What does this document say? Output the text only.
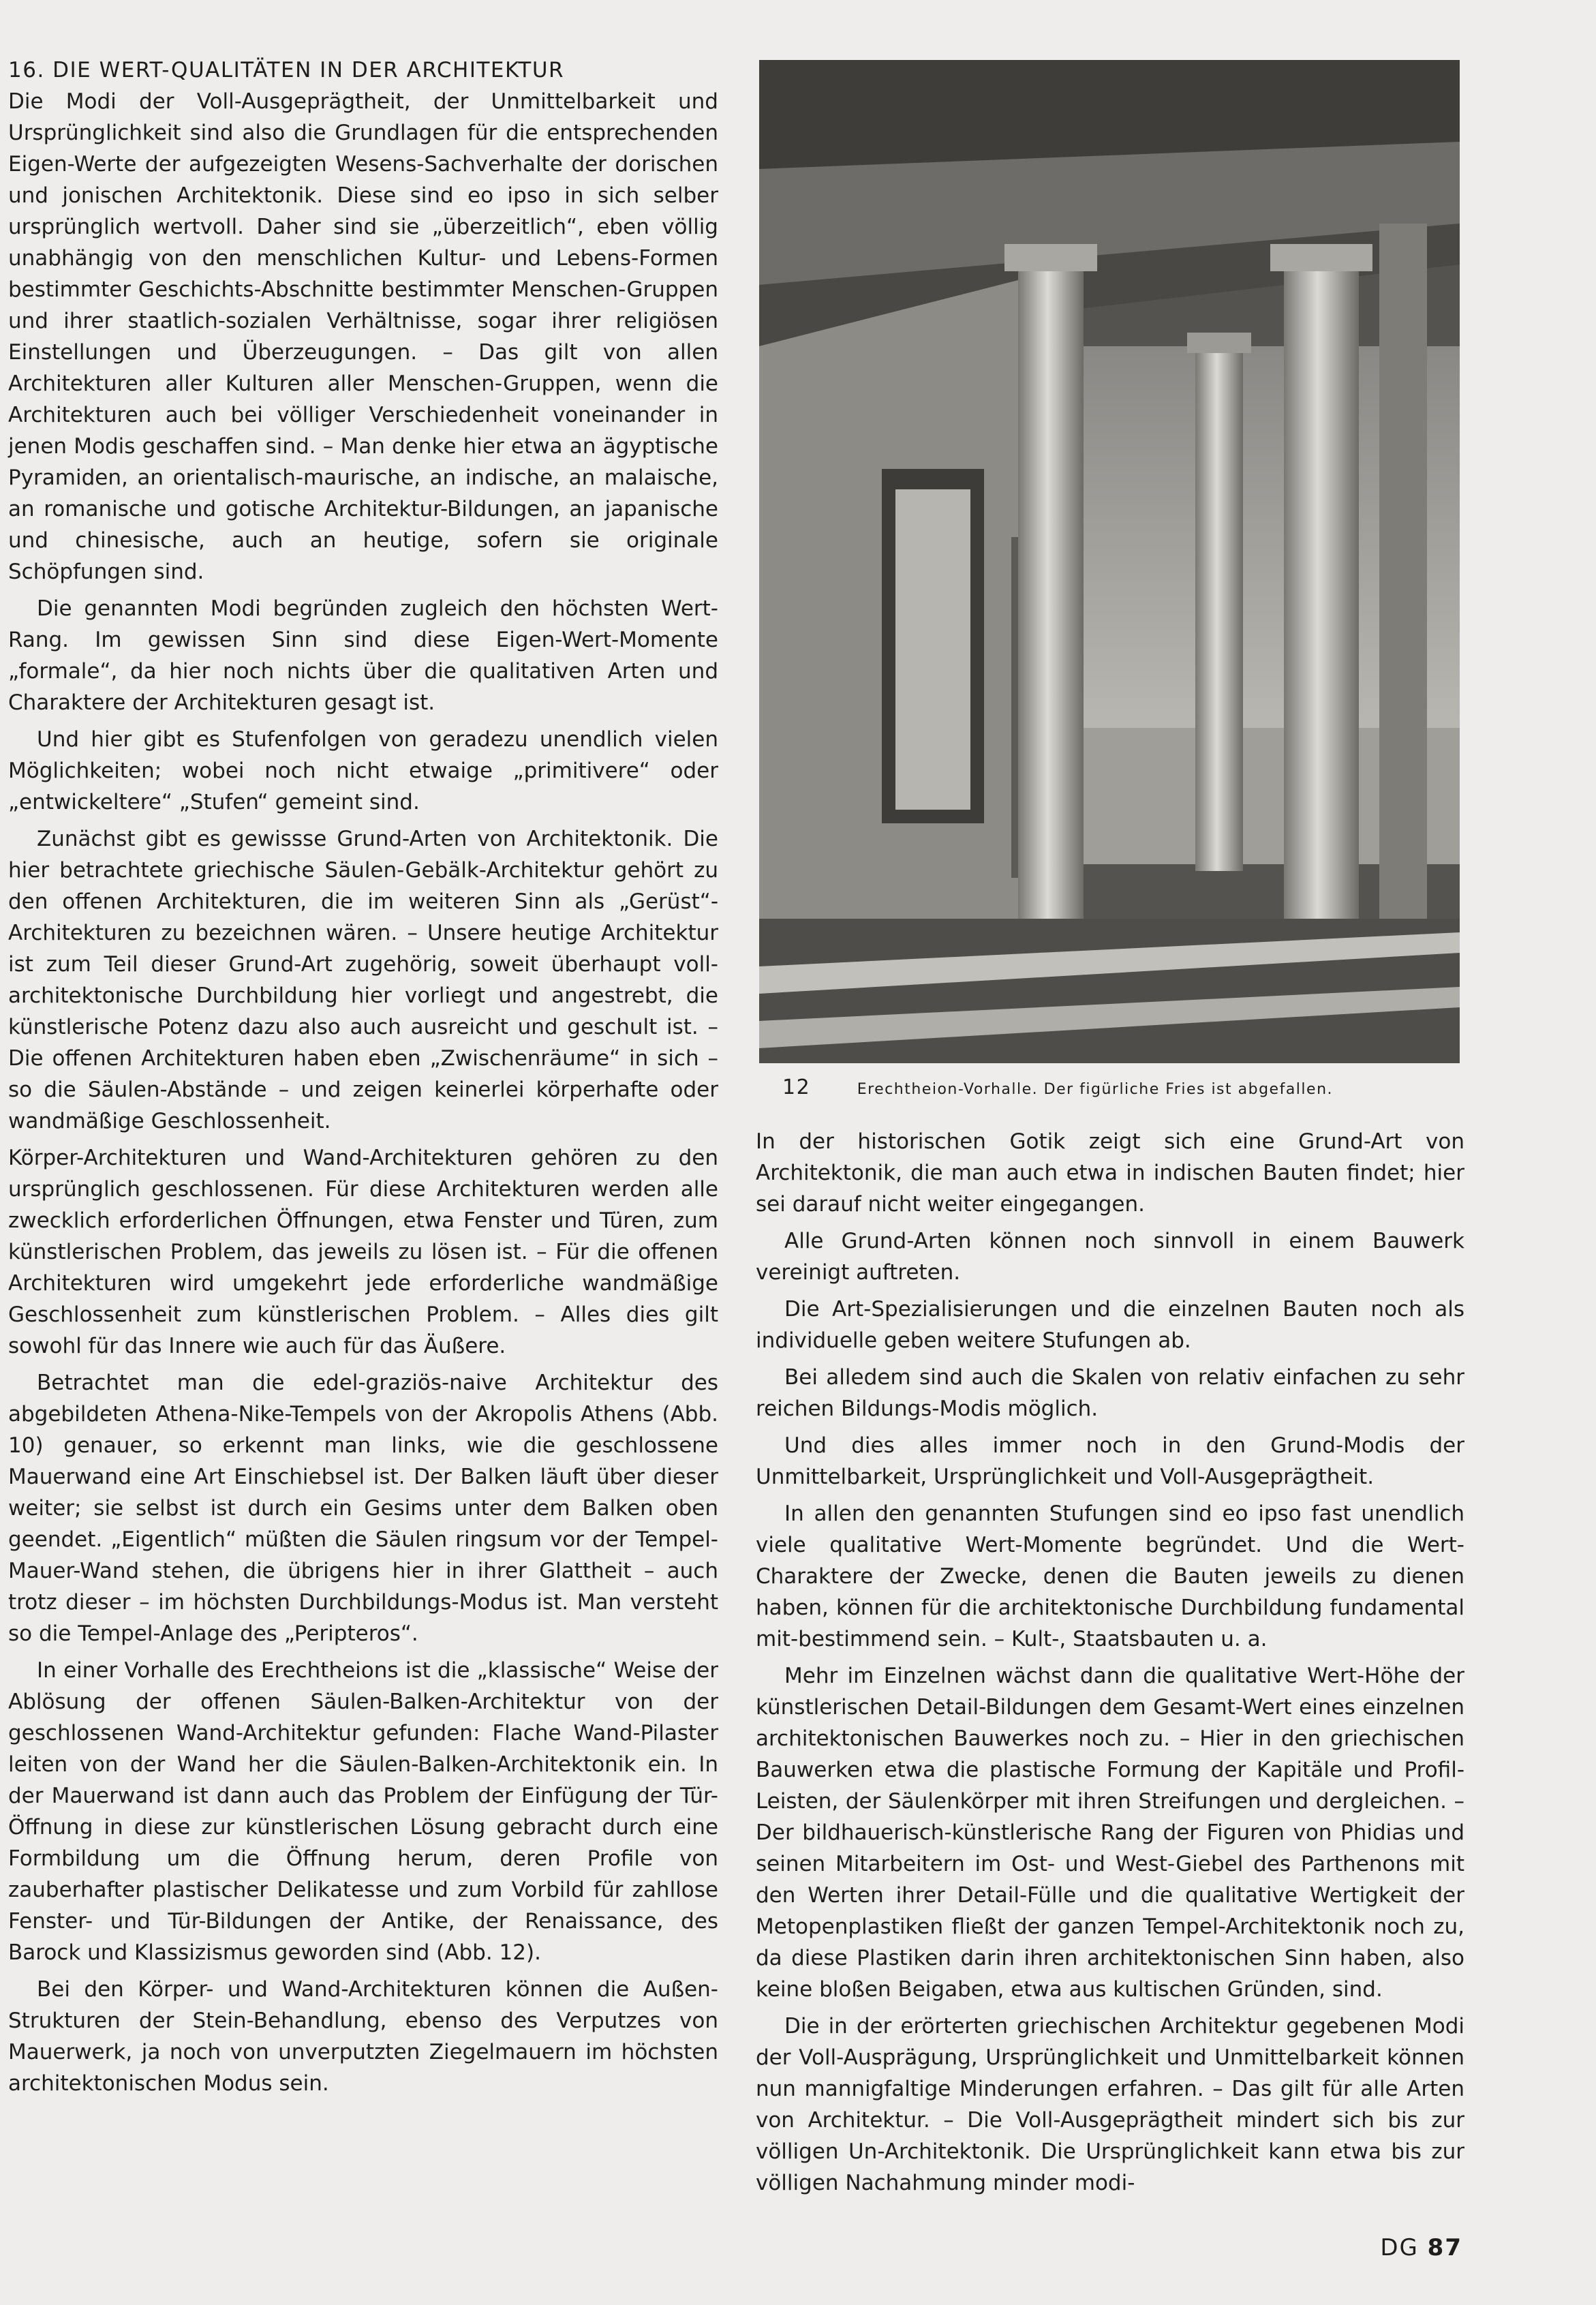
16. DIE WERT-QUALITÄTEN IN DER ARCHITEKTUR

Die Modi der Voll-Ausgeprägtheit, der Unmittelbarkeit und Ursprünglichkeit sind also die Grundlagen für die entsprechenden Eigen-Werte der aufgezeigten Wesens-Sachverhalte der dorischen und jonischen Architektonik. Diese sind eo ipso in sich selber ursprünglich wertvoll. Daher sind sie „überzeitlich“, eben völlig unabhängig von den menschlichen Kultur- und Lebens-Formen bestimmter Geschichts-Abschnitte bestimmter Menschen-Gruppen und ihrer staatlich-sozialen Verhältnisse, sogar ihrer religiösen Einstellungen und Überzeugungen. – Das gilt von allen Architekturen aller Kulturen aller Menschen-Gruppen, wenn die Architekturen auch bei völliger Verschiedenheit voneinander in jenen Modis geschaffen sind. – Man denke hier etwa an ägyptische Pyramiden, an orientalisch-maurische, an indische, an malaische, an romanische und gotische Architektur-Bildungen, an japanische und chinesische, auch an heutige, sofern sie originale Schöpfungen sind.

Die genannten Modi begründen zugleich den höchsten Wert-Rang. Im gewissen Sinn sind diese Eigen-Wert-Momente „formale“, da hier noch nichts über die qualitativen Arten und Charaktere der Architekturen gesagt ist.

Und hier gibt es Stufenfolgen von geradezu unendlich vielen Möglichkeiten; wobei noch nicht etwaige „primitivere“ oder „entwickeltere“ „Stufen“ gemeint sind.

Zunächst gibt es gewissse Grund-Arten von Architektonik. Die hier betrachtete griechische Säulen-Gebälk-Architektur gehört zu den offenen Architekturen, die im weiteren Sinn als „Gerüst“-Architekturen zu bezeichnen wären. – Unsere heutige Architektur ist zum Teil dieser Grund-Art zugehörig, soweit überhaupt voll-architektonische Durchbildung hier vorliegt und angestrebt, die künstlerische Potenz dazu also auch ausreicht und geschult ist. – Die offenen Architekturen haben eben „Zwischenräume“ in sich – so die Säulen-Abstände – und zeigen keinerlei körperhafte oder wandmäßige Geschlossenheit.

Körper-Architekturen und Wand-Architekturen gehören zu den ursprünglich geschlossenen. Für diese Architekturen werden alle zwecklich erforderlichen Öffnungen, etwa Fenster und Türen, zum künstlerischen Problem, das jeweils zu lösen ist. – Für die offenen Architekturen wird umgekehrt jede erforderliche wandmäßige Geschlossenheit zum künstlerischen Problem. – Alles dies gilt sowohl für das Innere wie auch für das Äußere.

Betrachtet man die edel-graziös-naive Architektur des abgebildeten Athena-Nike-Tempels von der Akropolis Athens (Abb. 10) genauer, so erkennt man links, wie die geschlossene Mauerwand eine Art Einschiebsel ist. Der Balken läuft über dieser weiter; sie selbst ist durch ein Gesims unter dem Balken oben geendet. „Eigentlich“ müßten die Säulen ringsum vor der Tempel-Mauer-Wand stehen, die übrigens hier in ihrer Glattheit – auch trotz dieser – im höchsten Durchbildungs-Modus ist. Man versteht so die Tempel-Anlage des „Peripteros“.

In einer Vorhalle des Erechtheions ist die „klassische“ Weise der Ablösung der offenen Säulen-Balken-Architektur von der geschlossenen Wand-Architektur gefunden: Flache Wand-Pilaster leiten von der Wand her die Säulen-Balken-Architektonik ein. In der Mauerwand ist dann auch das Problem der Einfügung der Tür-Öffnung in diese zur künstlerischen Lösung gebracht durch eine Formbildung um die Öffnung herum, deren Profile von zauberhafter plastischer Delikatesse und zum Vorbild für zahllose Fenster- und Tür-Bildungen der Antike, der Renaissance, des Barock und Klassizismus geworden sind (Abb. 12).

Bei den Körper- und Wand-Architekturen können die Außen-Strukturen der Stein-Behandlung, ebenso des Verputzes von Mauerwerk, ja noch von unverputzten Ziegelmauern im höchsten architektonischen Modus sein.

12	Erechtheion-Vorhalle. Der figürliche Fries ist abgefallen.

In der historischen Gotik zeigt sich eine Grund-Art von Architektonik, die man auch etwa in indischen Bauten findet; hier sei darauf nicht weiter eingegangen.

Alle Grund-Arten können noch sinnvoll in einem Bauwerk vereinigt auftreten.

Die Art-Spezialisierungen und die einzelnen Bauten noch als individuelle geben weitere Stufungen ab.

Bei alledem sind auch die Skalen von relativ einfachen zu sehr reichen Bildungs-Modis möglich.

Und dies alles immer noch in den Grund-Modis der Unmittelbarkeit, Ursprünglichkeit und Voll-Ausgeprägtheit.

In allen den genannten Stufungen sind eo ipso fast unendlich viele qualitative Wert-Momente begründet. Und die Wert-Charaktere der Zwecke, denen die Bauten jeweils zu dienen haben, können für die architektonische Durchbildung fundamental mit-bestimmend sein. – Kult-, Staatsbauten u. a.

Mehr im Einzelnen wächst dann die qualitative Wert-Höhe der künstlerischen Detail-Bildungen dem Gesamt-Wert eines einzelnen architektonischen Bauwerkes noch zu. – Hier in den griechischen Bauwerken etwa die plastische Formung der Kapitäle und Profil-Leisten, der Säulenkörper mit ihren Streifungen und dergleichen. – Der bildhauerisch-künstlerische Rang der Figuren von Phidias und seinen Mitarbeitern im Ost- und West-Giebel des Parthenons mit den Werten ihrer Detail-Fülle und die qualitative Wertigkeit der Metopenplastiken fließt der ganzen Tempel-Architektonik noch zu, da diese Plastiken darin ihren architektonischen Sinn haben, also keine bloßen Beigaben, etwa aus kultischen Gründen, sind.

Die in der erörterten griechischen Architektur gegebenen Modi der Voll-Ausprägung, Ursprünglichkeit und Unmittelbarkeit können nun mannigfaltige Minderungen erfahren. – Das gilt für alle Arten von Architektur. – Die Voll-Ausgeprägtheit mindert sich bis zur völligen Un-Architektonik. Die Ursprünglichkeit kann etwa bis zur völligen Nachahmung minder modi-

DG 87
